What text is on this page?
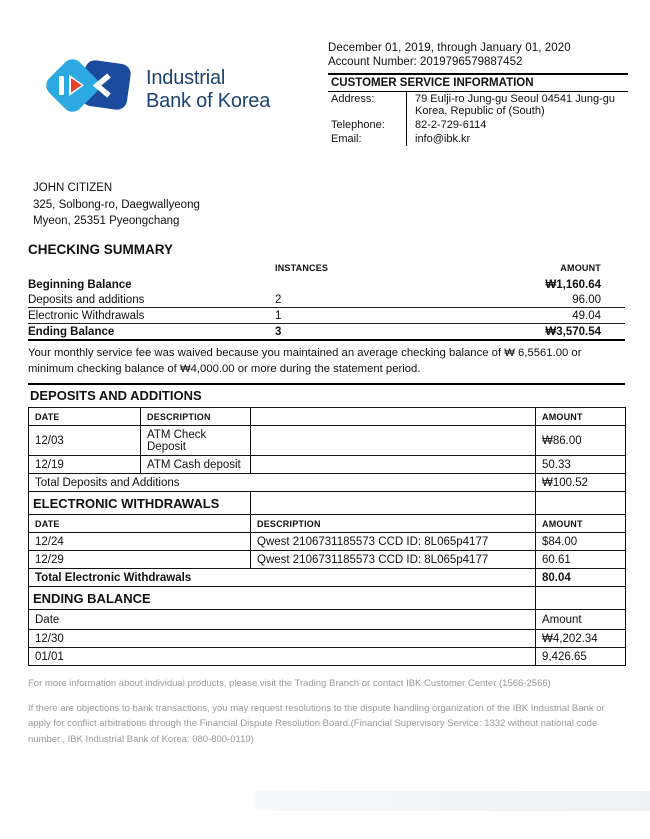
Industrial
Bank of Korea
December 01, 2019, through January 01, 2020
Account Number: 2019796579887452
CUSTOMER SERVICE INFORMATION
Address:	79 Eulji-ro Jung-gu Seoul 04541 Jung-gu
Korea, Republic of (South)
Telephone:	82-2-729-6114
Email:	info@ibk.kr
JOHN CITIZEN
325, Solbong-ro, Daegwallyeong
Myeon, 25351 Pyeongchang
CHECKING SUMMARY
	INSTANCES	AMOUNT
Beginning Balance		₩1,160.64
Deposits and additions	2	96.00
Electronic Withdrawals	1	49.04
Ending Balance	3	₩3,570.54

Your monthly service fee was waived because you maintained an average checking balance of ₩ 6,5561.00 or
minimum checking balance of ₩4,000.00 or more during the statement period.

DEPOSITS AND ADDITIONS
DATE	DESCRIPTION		AMOUNT
12/03	ATM Check Deposit		₩86.00
12/19	ATM Cash deposit		50.33
Total Deposits and Additions			₩100.52
ELECTRONIC WITHDRAWALS			
DATE		DESCRIPTION	AMOUNT
12/24		Qwest 2106731185573 CCD ID: 8L065p4177	$84.00
12/29		Qwest 2106731185573 CCD ID: 8L065p4177	60.61
Total Electronic Withdrawals			80.04
ENDING BALANCE			
Date			Amount
12/30			₩4,202.34
01/01			9,426.65

For more information about individual products, please visit the Trading Branch or contact IBK Customer Center (1566-2566)

If there are objections to bank transactions, you may request resolutions to the dispute handling organization of the IBK Industrial Bank or apply for conflict arbitrations through the Financial Dispute Resolution Board.(Financial Supervisory Service: 1332 without national code number., IBK Industrial Bank of Korea: 080-800-0119)
